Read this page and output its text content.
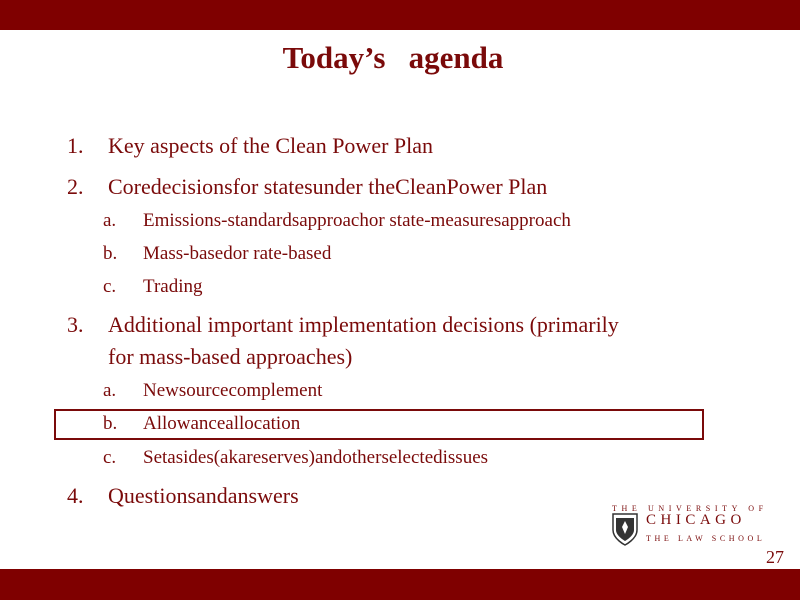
Today’s   agenda
1. Key aspects of the Clean Power Plan
2. Coredecisionsfor statesunder theCleanPower Plan
a. Emissions-standardsapproachor state-measuresapproach
b. Mass-basedor rate-based
c. Trading
3. Additional important implementation decisions (primarily
for mass-based approaches)
a. Newsourcecomplement
b. Allowanceallocation
c. Setasides(akareserves)andotherselectedissues
4. Questionsandanswers
THE UNIVERSITY OF
CHICAGO
THE LAW SCHOOL
27
